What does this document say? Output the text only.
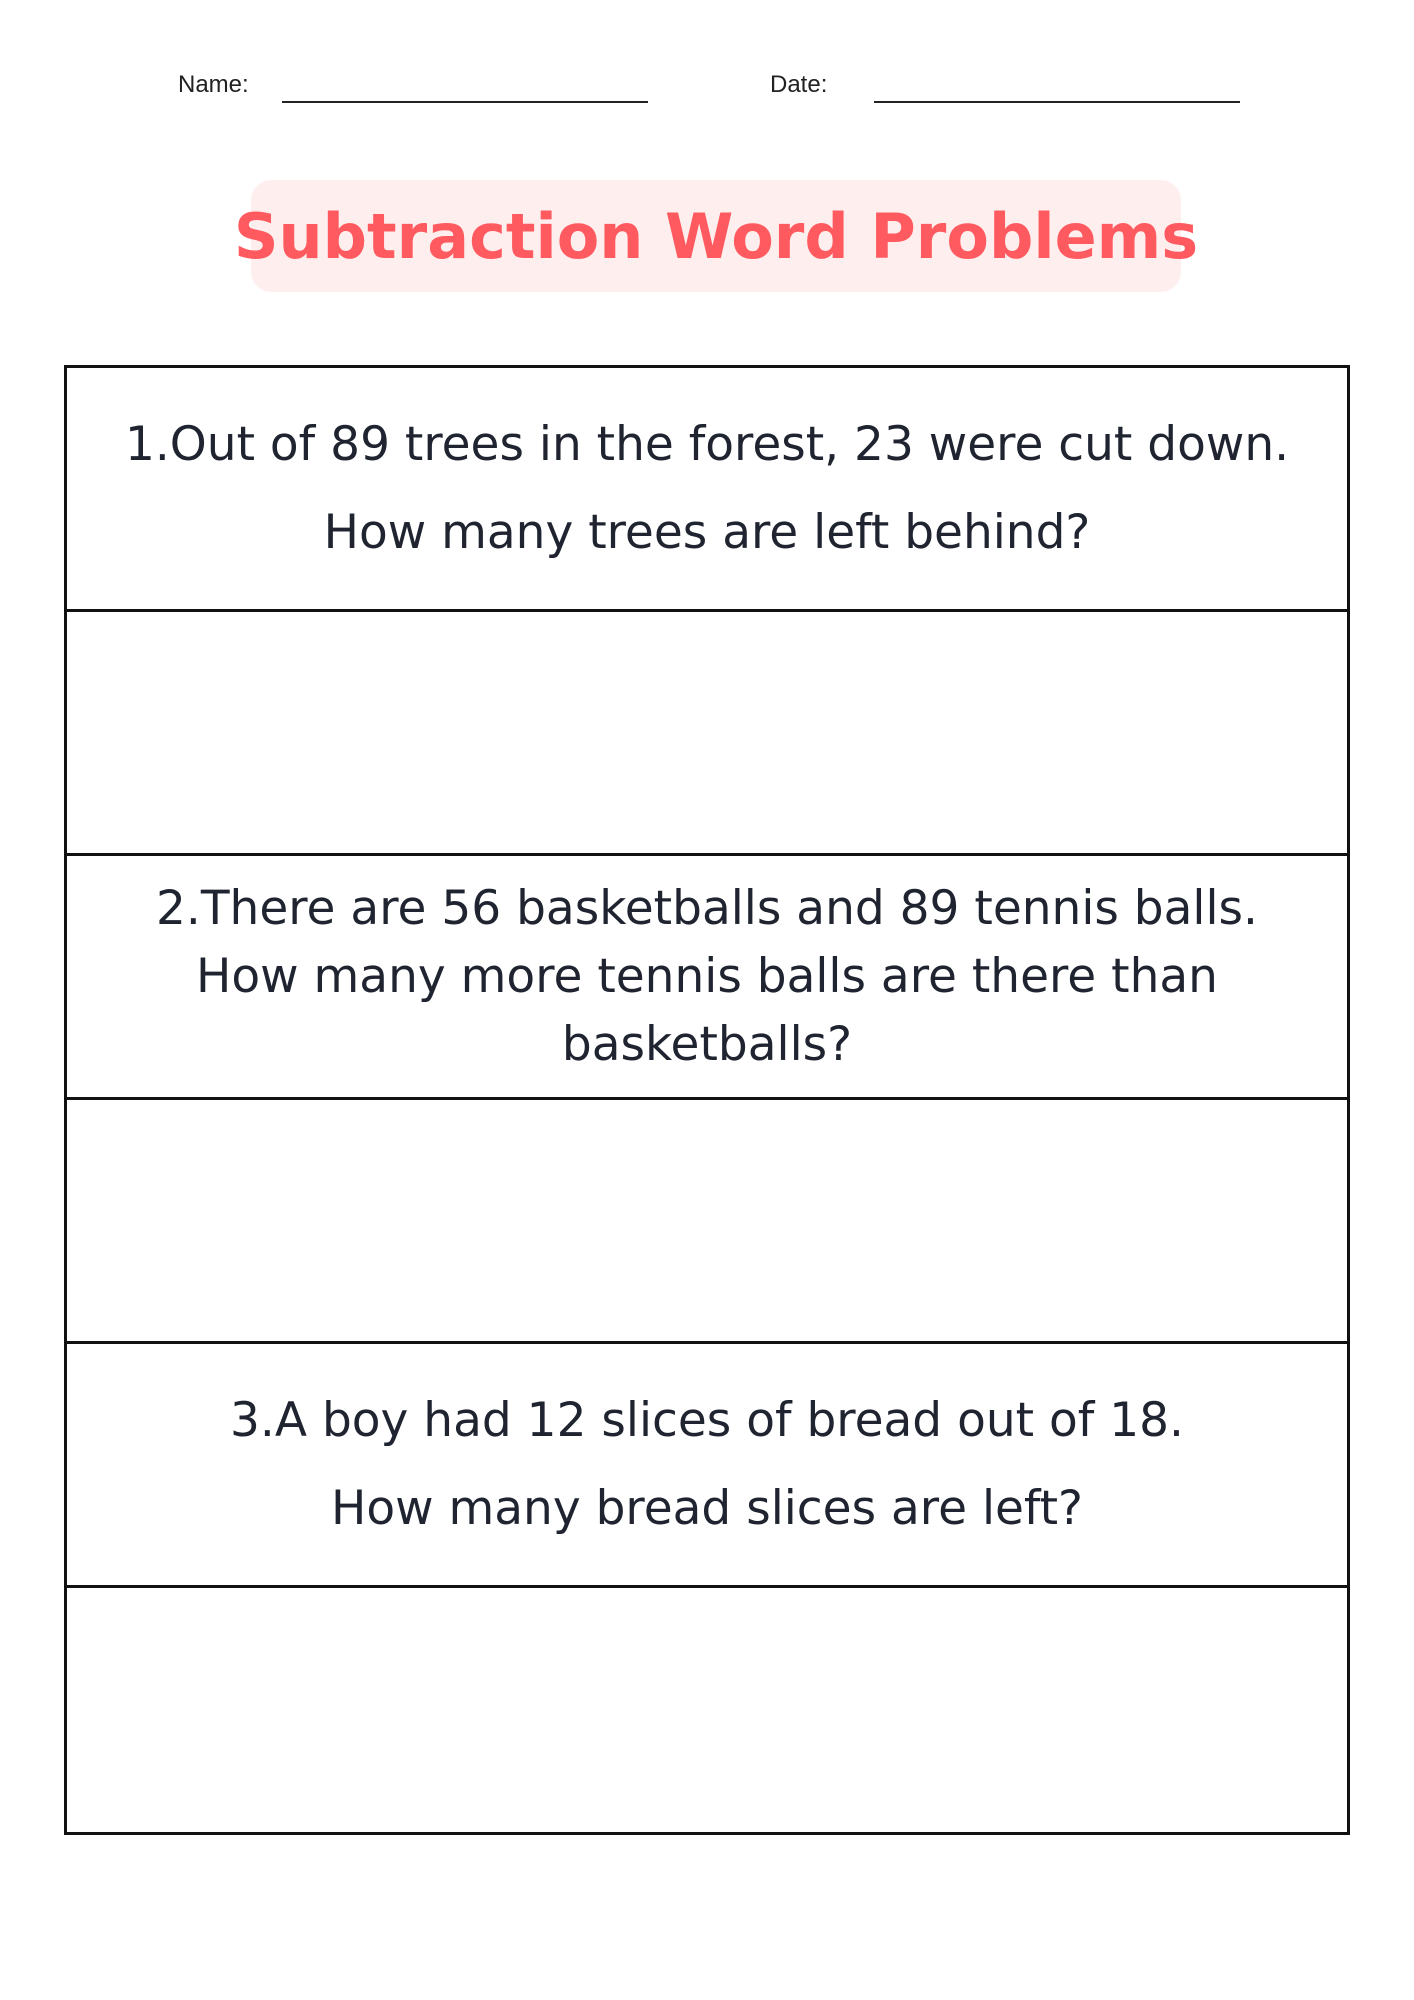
Name:	Date:
Subtraction Word Problems
1.Out of 89 trees in the forest, 23 were cut down.
How many trees are left behind?
2.There are 56 basketballs and 89 tennis balls.
How many more tennis balls are there than
basketballs?
3.A boy had 12 slices of bread out of 18.
How many bread slices are left?
